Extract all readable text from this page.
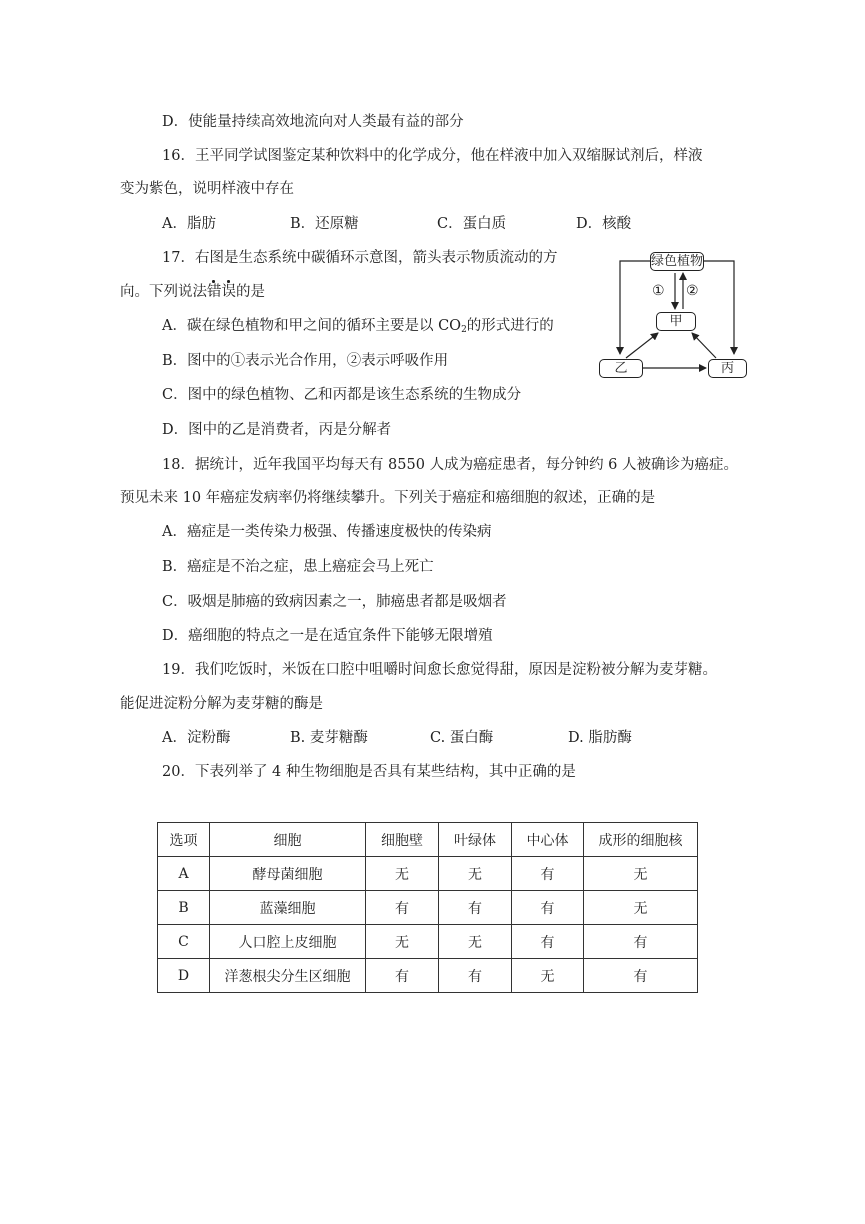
D．使能量持续高效地流向对人类最有益的部分
16．王平同学试图鉴定某种饮料中的化学成分，他在样液中加入双缩脲试剂后，样液
变为紫色，说明样液中存在
A．脂肪	B．还原糖	C．蛋白质	D．核酸
17．右图是生态系统中碳循环示意图，箭头表示物质流动的方
向。下列说法错误
的是
A．碳在绿色植物和甲之间的循环主要是以 $CO_2$的形式进行的
B．图中的①表示光合作用，②表示呼吸作用
C．图中的绿色植物、乙和丙都是该生态系统的生物成分
D．图中的乙是消费者，丙是分解者
绿色植物
甲
乙	丙
① ②
18．据统计，近年我国平均每天有 8550 人成为癌症患者，每分钟约 6 人被确诊为癌症。
预见未来 10 年癌症发病率仍将继续攀升。下列关于癌症和癌细胞的叙述，正确的是
A．癌症是一类传染力极强、传播速度极快的传染病
B．癌症是不治之症，患上癌症会马上死亡
C．吸烟是肺癌的致病因素之一，肺癌患者都是吸烟者
D．癌细胞的特点之一是在适宜条件下能够无限增殖
19．我们吃饭时，米饭在口腔中咀嚼时间愈长愈觉得甜，原因是淀粉被分解为麦芽糖。
能促进淀粉分解为麦芽糖的酶是
A．淀粉酶	B. 麦芽糖酶	C. 蛋白酶	D. 脂肪酶
20．下表列举了 4 种生物细胞是否具有某些结构，其中正确的是
选项	细胞	细胞壁	叶绿体	中心体	成形的细胞核
A	酵母菌细胞	无	无	有	无
B	蓝藻细胞	有	有	有	无
C	人口腔上皮细胞	无	无	有	有
D	洋葱根尖分生区细胞	有	有	无	有
